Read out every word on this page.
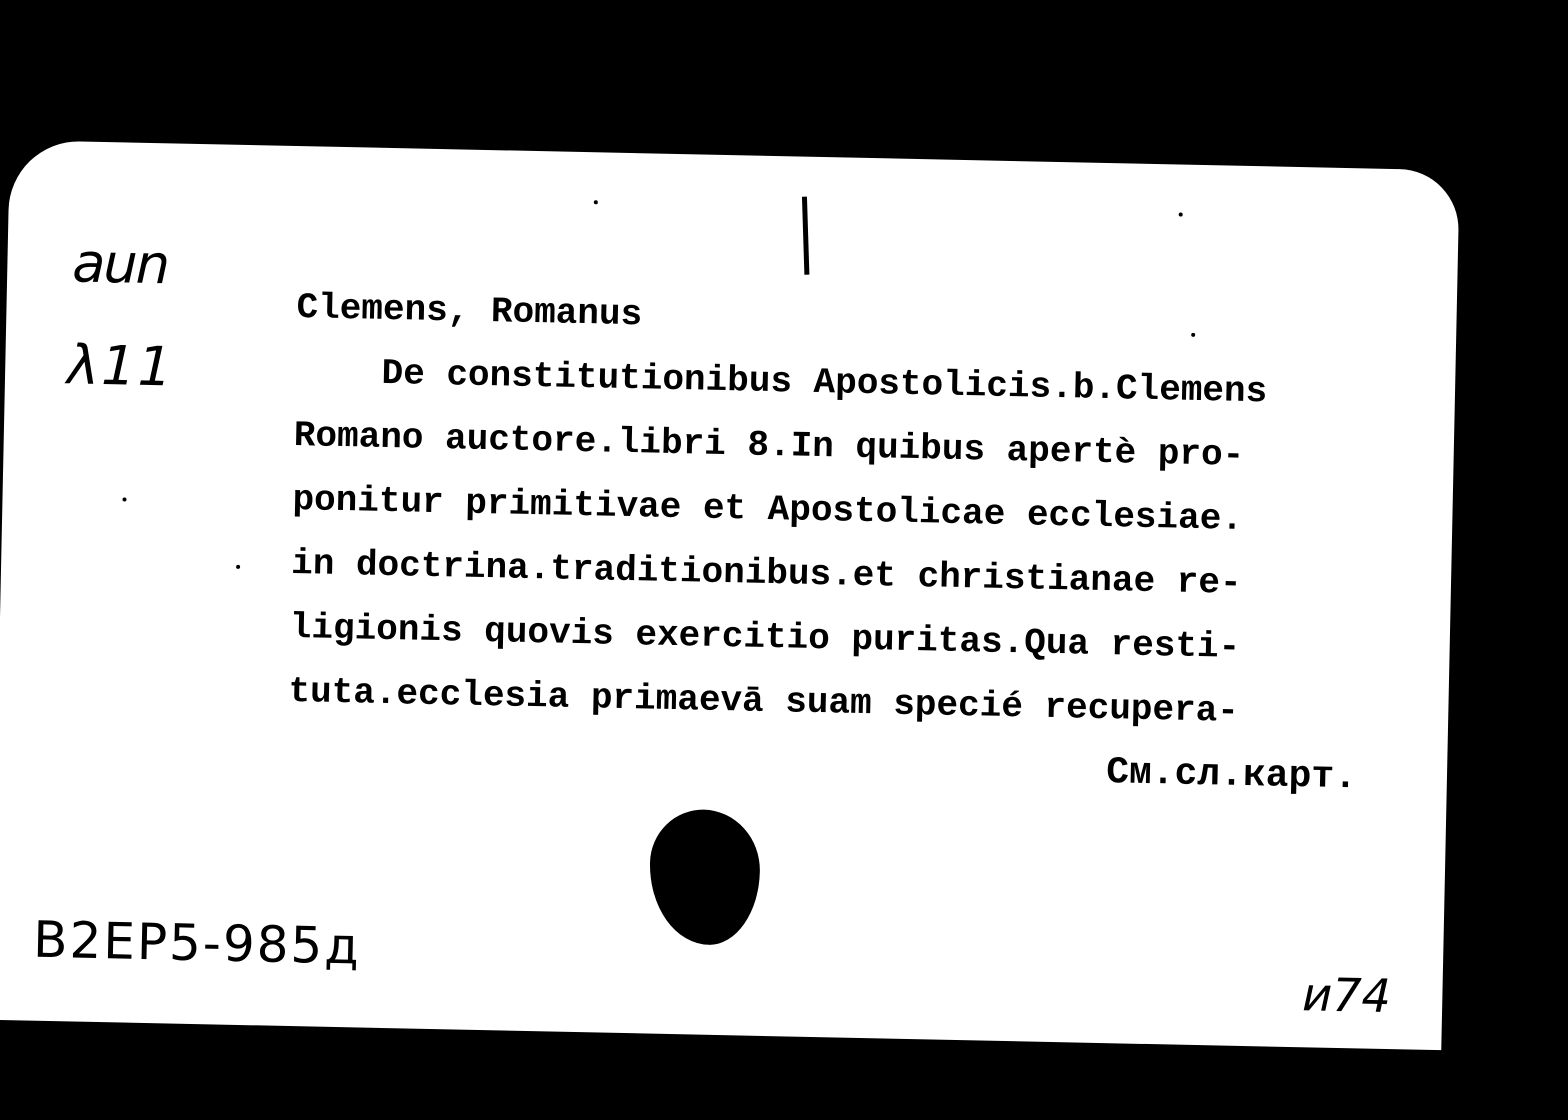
aun
λ11
Clemens, Romanus
De constitutionibus Apostolicis.b.Clemens
Romano auctore.libri 8.In quibus apertè pro-
ponitur primitivae et Apostolicae ecclesiae.
in doctrina.traditionibus.et christianae re-
ligionis quovis exercitio puritas.Qua resti-
tuta.ecclesia primaevā suam specié recupera-
См.сл.карт.
B2EP5-985д
и74
